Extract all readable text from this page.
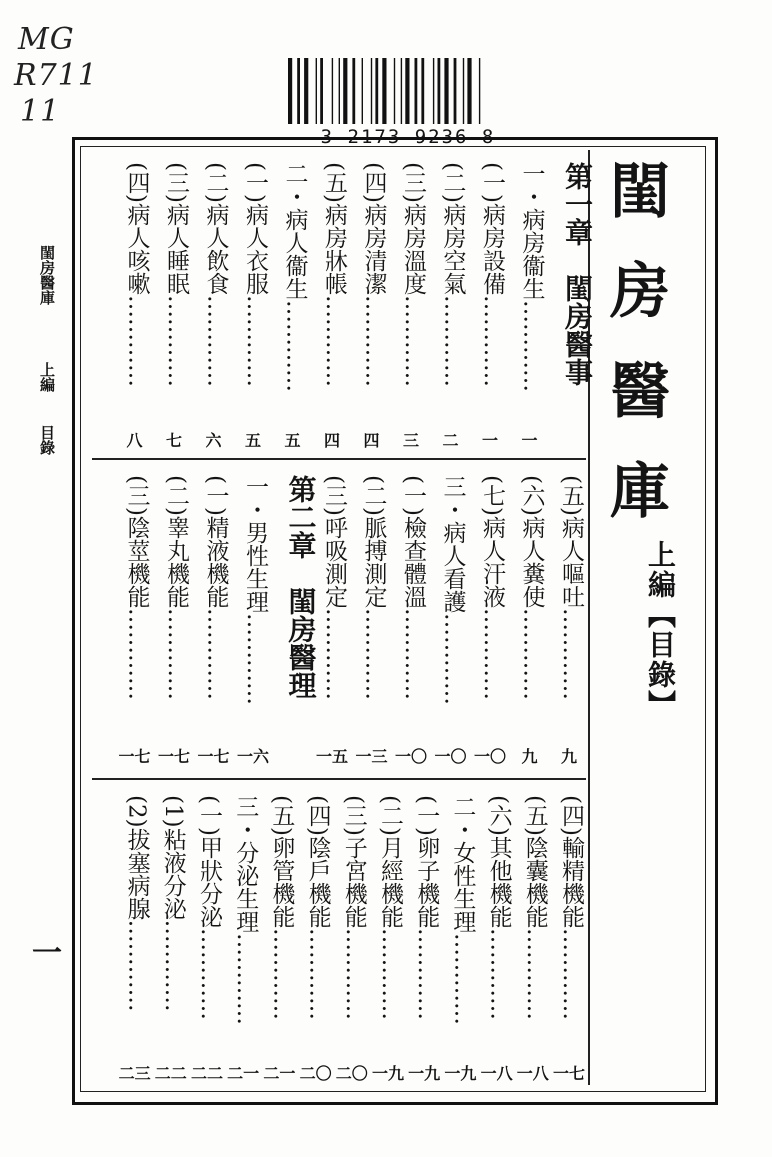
MG
R711
11
3 2173 9236 8
閨房醫庫
上編
目錄
一
閨
房
醫
庫
上編【目錄】
第一章　閨房醫事
一・病房衞生…………
一
(一)病房設備…………
一
(二)病房空氣…………
二
(三)病房溫度…………
三
(四)病房清潔…………
四
(五)病房牀帳…………
四
二・病人衞生…………
五
(一)病人衣服…………
五
(二)病人飲食…………
六
(三)病人睡眠…………
七
(四)病人咳嗽…………
八
(五)病人嘔吐…………
九
(六)病人糞使…………
九
(七)病人汗液…………
一〇
三・病人看護…………
一〇
(一)檢查體溫…………
一〇
(二)脈搏測定…………
一三
(三)呼吸測定…………
一五
第二章　閨房醫理
一・男性生理…………
一六
(一)精液機能…………
一七
(二)睾丸機能…………
一七
(三)陰莖機能…………
一七
(四)輸精機能…………
一七
(五)陰囊機能…………
一八
(六)其他機能…………
一八
二・女性生理…………
一九
(一)卵子機能…………
一九
(二)月經機能…………
一九
(三)子宮機能…………
二〇
(四)陰戶機能…………
二〇
(五)卵管機能…………
二一
三・分泌生理…………
二一
(一)甲狀分泌…………
二二
(1)粘液分泌…………
二二
(2)拔塞病腺…………
二三
